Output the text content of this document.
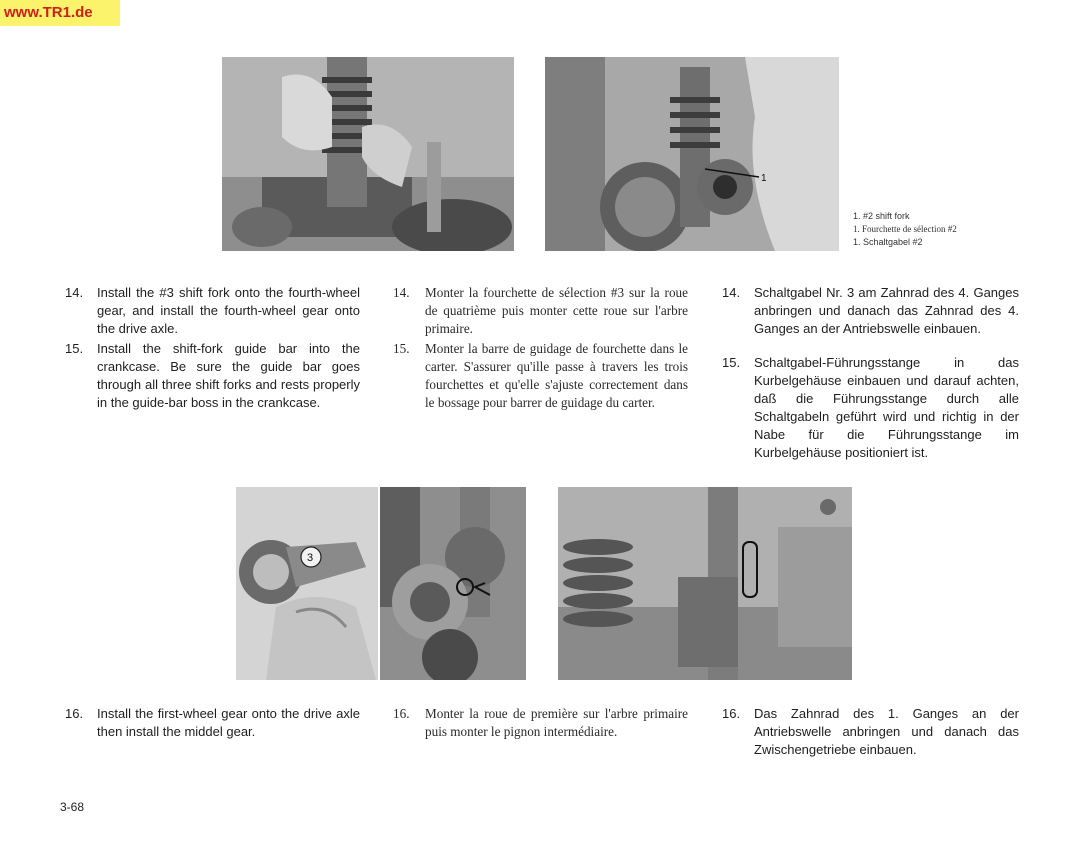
www.TR1.de
1
1. #2 shift fork
1. Fourchette de sélection #2
1. Schaltgabel #2
14. Install the #3 shift fork onto the fourth-wheel gear, and install the fourth-wheel gear onto the drive axle.
15. Install the shift-fork guide bar into the crankcase. Be sure the guide bar goes through all three shift forks and rests properly in the guide-bar boss in the crankcase.
14. Monter la fourchette de sélection #3 sur la roue de quatrième puis monter cette roue sur l'arbre primaire.
15. Monter la barre de guidage de fourchette dans le carter. S'assurer qu'ille passe à travers les trois fourchettes et qu'elle s'ajuste correctement dans le bossage pour barrer de guidage du carter.
14. Schaltgabel Nr. 3 am Zahnrad des 4. Ganges anbringen und danach das Zahnrad des 4. Ganges an der Antriebswelle einbauen.
15. Schaltgabel-Führungsstange in das Kurbelgehäuse einbauen und darauf achten, daß die Führungsstange durch alle Schaltgabeln geführt wird und richtig in der Nabe für die Führungsstange im Kurbelgehäuse positioniert ist.
3
16. Install the first-wheel gear onto the drive axle then install the middel gear.
16. Monter la roue de première sur l'arbre primaire puis monter le pignon intermédiaire.
16. Das Zahnrad des 1. Ganges an der Antriebswelle anbringen und danach das Zwischengetriebe einbauen.
3-68
